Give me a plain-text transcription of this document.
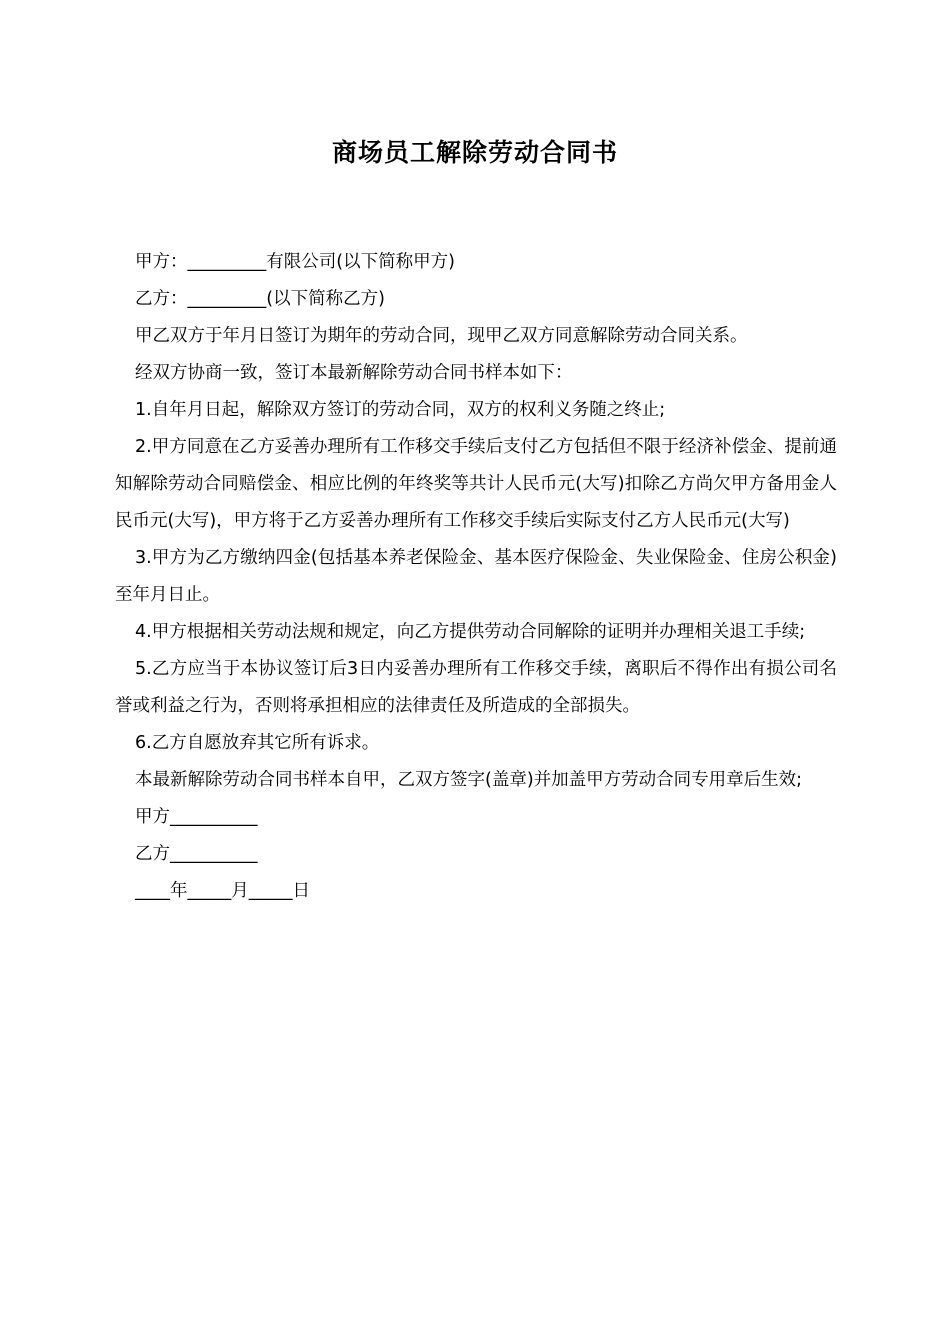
商场员工解除劳动合同书

甲方：_________有限公司(以下简称甲方)

乙方：_________(以下简称乙方)

甲乙双方于年月日签订为期年的劳动合同，现甲乙双方同意解除劳动合同关系。

经双方协商一致，签订本最新解除劳动合同书样本如下：

1.自年月日起，解除双方签订的劳动合同，双方的权利义务随之终止;

2.甲方同意在乙方妥善办理所有工作移交手续后支付乙方包括但不限于经济补偿金、提前通知解除劳动合同赔偿金、相应比例的年终奖等共计人民币元(大写)扣除乙方尚欠甲方备用金人民币元(大写)，甲方将于乙方妥善办理所有工作移交手续后实际支付乙方人民币元(大写)

3.甲方为乙方缴纳四金(包括基本养老保险金、基本医疗保险金、失业保险金、住房公积金)至年月日止。

4.甲方根据相关劳动法规和规定，向乙方提供劳动合同解除的证明并办理相关退工手续;

5.乙方应当于本协议签订后3日内妥善办理所有工作移交手续，离职后不得作出有损公司名誉或利益之行为，否则将承担相应的法律责任及所造成的全部损失。

6.乙方自愿放弃其它所有诉求。

本最新解除劳动合同书样本自甲，乙双方签字(盖章)并加盖甲方劳动合同专用章后生效;

甲方__________

乙方__________

____年_____月_____日
